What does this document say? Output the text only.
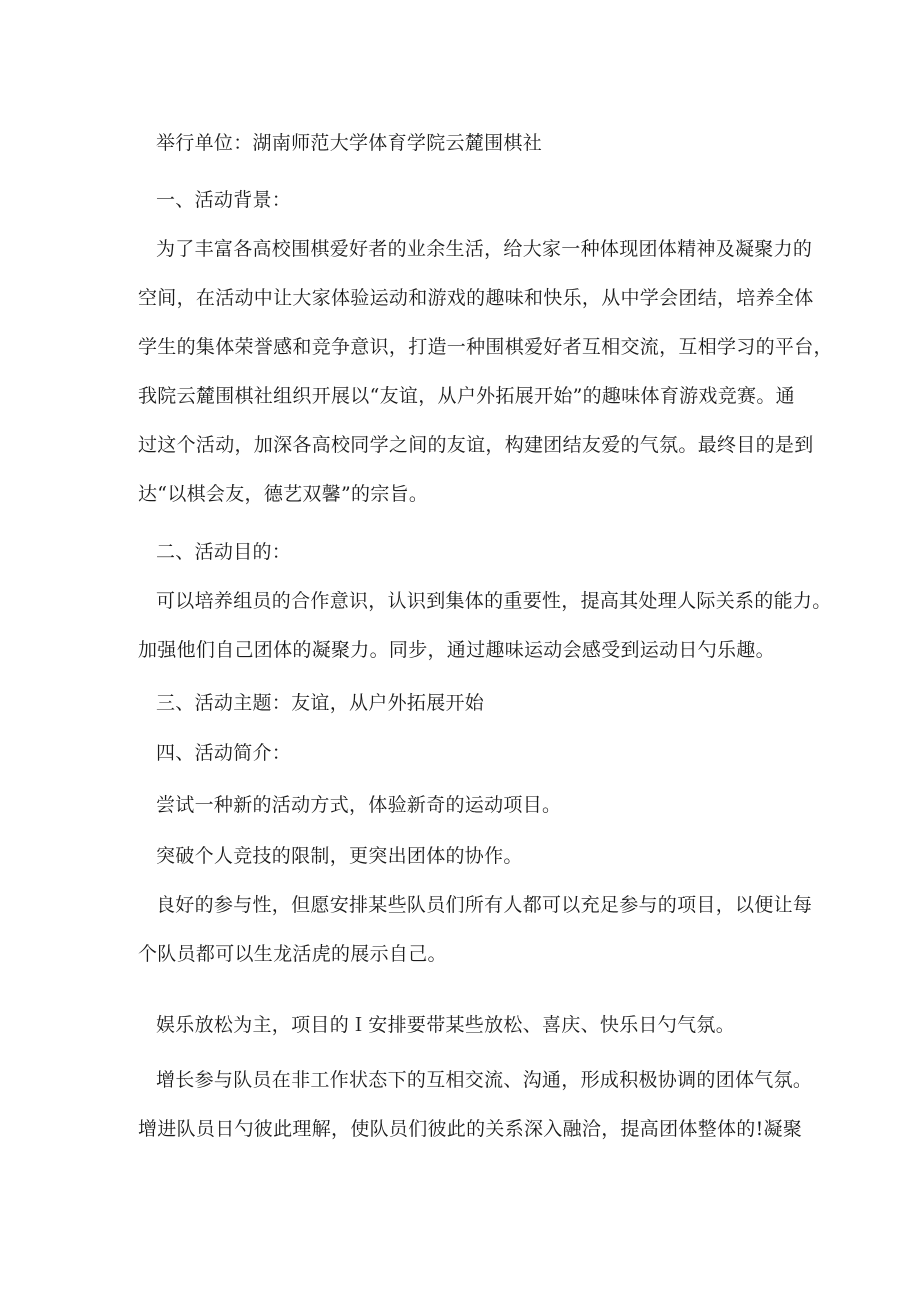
举行单位：湖南师范大学体育学院云麓围棋社
一、活动背景：
为了丰富各高校围棋爱好者的业余生活，给大家一种体现团体精神及凝聚力的
空间，在活动中让大家体验运动和游戏的趣味和快乐，从中学会团结，培养全体
学生的集体荣誉感和竞争意识，打造一种围棋爱好者互相交流，互相学习的平台，
我院云麓围棋社组织开展以“友谊，从户外拓展开始”的趣味体育游戏竞赛。通
过这个活动，加深各高校同学之间的友谊，构建团结友爱的气氛。最终目的是到
达“以棋会友，德艺双馨”的宗旨。
二、活动目的：
可以培养组员的合作意识，认识到集体的重要性，提高其处理人际关系的能力。
加强他们自己团体的凝聚力。同步，通过趣味运动会感受到运动日勺乐趣。
三、活动主题：友谊，从户外拓展开始
四、活动简介：
尝试一种新的活动方式，体验新奇的运动项目。
突破个人竞技的限制，更突出团体的协作。
良好的参与性，但愿安排某些队员们所有人都可以充足参与的项目，以便让每
个队员都可以生龙活虎的展示自己。
娱乐放松为主，项目的Ｉ安排要带某些放松、喜庆、快乐日勺气氛。
增长参与队员在非工作状态下的互相交流、沟通，形成积极协调的团体气氛。
增进队员日勺彼此理解，使队员们彼此的关系深入融洽，提高团体整体的!凝聚
